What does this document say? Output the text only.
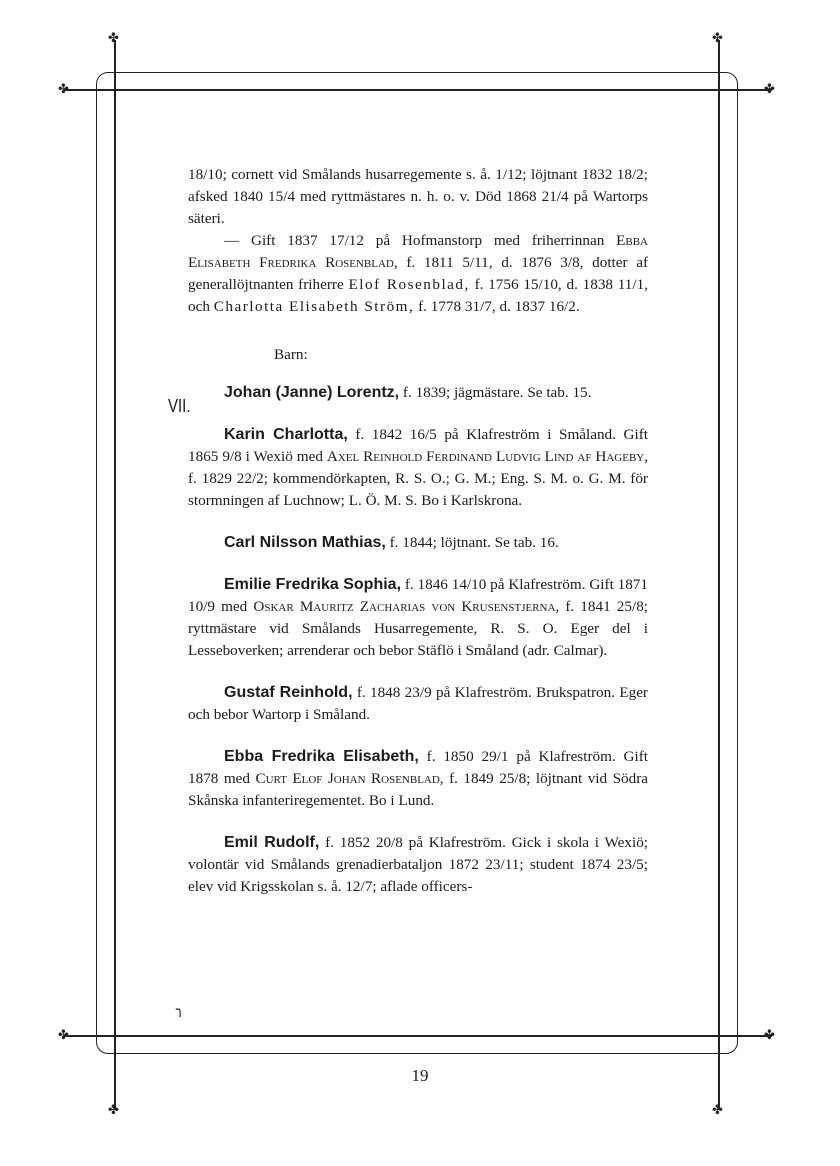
✤	✤
✤	✤
✤	✤
✤	✤
VII.

18/10; cornett vid Smålands husarregemente s. å. 1/12; löjtnant 1832 18/2; afsked 1840 15/4 med ryttmästares n. h. o. v. Död 1868 21/4 på Wartorps säteri.

— Gift 1837 17/12 på Hofmanstorp med friherrinnan Ebba Elisabeth Fredrika Rosenblad, f. 1811 5/11, d. 1876 3/8, dotter af generallöjtnanten friherre Elof Rosenblad, f. 1756 15/10, d. 1838 11/1, och Charlotta Elisabeth Ström, f. 1778 31/7, d. 1837 16/2.

Barn:

Johan (Janne) Lorentz, f. 1839; jägmästare. Se tab. 15.

Karin Charlotta, f. 1842 16/5 på Klafreström i Småland. Gift 1865 9/8 i Wexiö med Axel Reinhold Ferdinand Ludvig Lind af Hageby, f. 1829 22/2; kommendörkapten, R. S. O.; G. M.; Eng. S. M. o. G. M. för stormningen af Luchnow; L. Ö. M. S. Bo i Karlskrona.

Carl Nilsson Mathias, f. 1844; löjtnant. Se tab. 16.

Emilie Fredrika Sophia, f. 1846 14/10 på Klafreström. Gift 1871 10/9 med Oskar Mauritz Zacharias von Krusenstjerna, f. 1841 25/8; ryttmästare vid Smålands Husarregemente, R. S. O. Eger del i Lesseboverken; arrenderar och bebor Stäflö i Småland (adr. Calmar).

Gustaf Reinhold, f. 1848 23/9 på Klafreström. Brukspatron. Eger och bebor Wartorp i Småland.

Ebba Fredrika Elisabeth, f. 1850 29/1 på Klafreström. Gift 1878 med Curt Elof Johan Rosenblad, f. 1849 25/8; löjtnant vid Södra Skånska infanteriregementet. Bo i Lund.

Emil Rudolf, f. 1852 20/8 på Klafreström. Gick i skola i Wexiö; volontär vid Smålands grenadierbataljon 1872 23/11; student 1874 23/5; elev vid Krigsskolan s. å. 12/7; aflade officers-

╮
19
